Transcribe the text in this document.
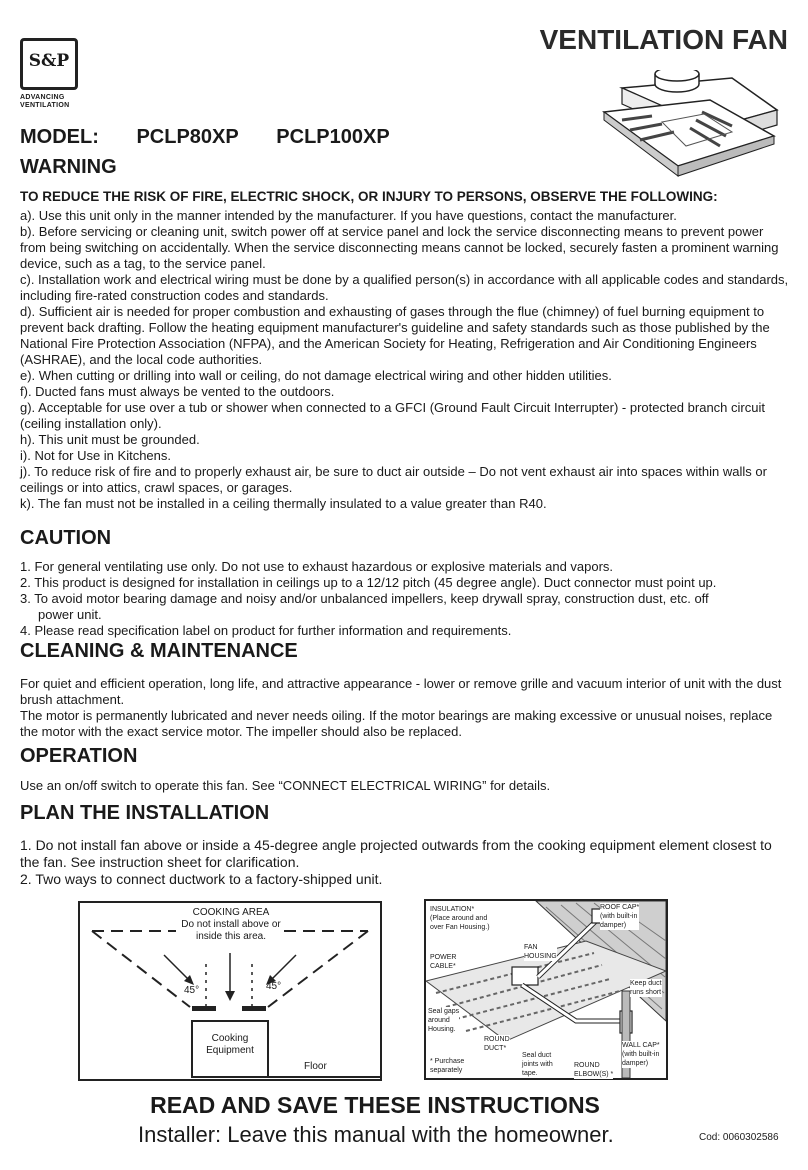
S&P
ADVANCING
VENTILATION
VENTILATION FAN
MODEL: PCLP80XP PCLP100XP
WARNING

TO REDUCE THE RISK OF FIRE, ELECTRIC SHOCK, OR INJURY TO PERSONS, OBSERVE THE FOLLOWING:

a). Use this unit only in the manner intended by the manufacturer. If you have questions, contact the manufacturer.

b). Before servicing or cleaning unit, switch power off at service panel and lock the service disconnecting means to prevent power from being switching on accidentally. When the service disconnecting means cannot be locked, securely fasten a prominent warning device, such as a tag, to the service panel.

c). Installation work and electrical wiring must be done by a qualified person(s) in accordance with all applicable codes and standards, including fire-rated construction codes and standards.

d). Sufficient air is needed for proper combustion and exhausting of gases through the flue (chimney) of fuel burning equipment to prevent back drafting. Follow the heating equipment manufacturer's guideline and safety standards such as those published by the National Fire Protection Association (NFPA), and the American Society for Heating, Refrigeration and Air Conditioning Engineers (ASHRAE), and the local code authorities.

e). When cutting or drilling into wall or ceiling, do not damage electrical wiring and other hidden utilities.

f). Ducted fans must always be vented to the outdoors.

g). Acceptable for use over a tub or shower when connected to a GFCI (Ground Fault Circuit Interrupter) - protected branch circuit (ceiling installation only).

h). This unit must be grounded.

i). Not for Use in Kitchens.

j). To reduce risk of fire and to properly exhaust air, be sure to duct air outside – Do not vent exhaust air into spaces within walls or ceilings or into attics, crawl spaces, or garages.

k). The fan must not be installed in a ceiling thermally insulated to a value greater than R40.

CAUTION

1. For general ventilating use only. Do not use to exhaust hazardous or explosive materials and vapors.

2. This product is designed for installation in ceilings up to a 12/12 pitch (45 degree angle). Duct connector must point up.

3. To avoid motor bearing damage and noisy and/or unbalanced impellers, keep drywall spray, construction dust, etc. off

power unit.

4. Please read specification label on product for further information and requirements.

CLEANING & MAINTENANCE

For quiet and efficient operation, long life, and attractive appearance - lower or remove grille and vacuum interior of unit with the dust brush attachment.

The motor is permanently lubricated and never needs oiling. If the motor bearings are making excessive or unusual noises, replace the motor with the exact service motor. The impeller should also be replaced.

OPERATION

Use an on/off switch to operate this fan. See “CONNECT ELECTRICAL WIRING” for details.

PLAN THE INSTALLATION

1. Do not install fan above or inside a 45-degree angle projected outwards from the cooking equipment element closest to the fan. See instruction sheet for clarification.

2. Two ways to connect ductwork to a factory-shipped unit.

COOKING AREA
Do not install above or
inside this area.
45°	45°
Cooking
Equipment
Floor
INSULATION*
(Place around and
over Fan Housing.)
ROOF CAP*
(with built-in
damper)
FAN
HOUSING
POWER
CABLE*
Keep duct
runs short
Seal gaps
around
Housing.
ROUND
DUCT*	WALL CAP*
(with built-in
damper)
* Purchase
separately
Seal duct
joints with
tape.
ROUND
ELBOW(S) *
READ AND SAVE THESE INSTRUCTIONS
Installer: Leave this manual with the homeowner.	Cod: 0060302586
